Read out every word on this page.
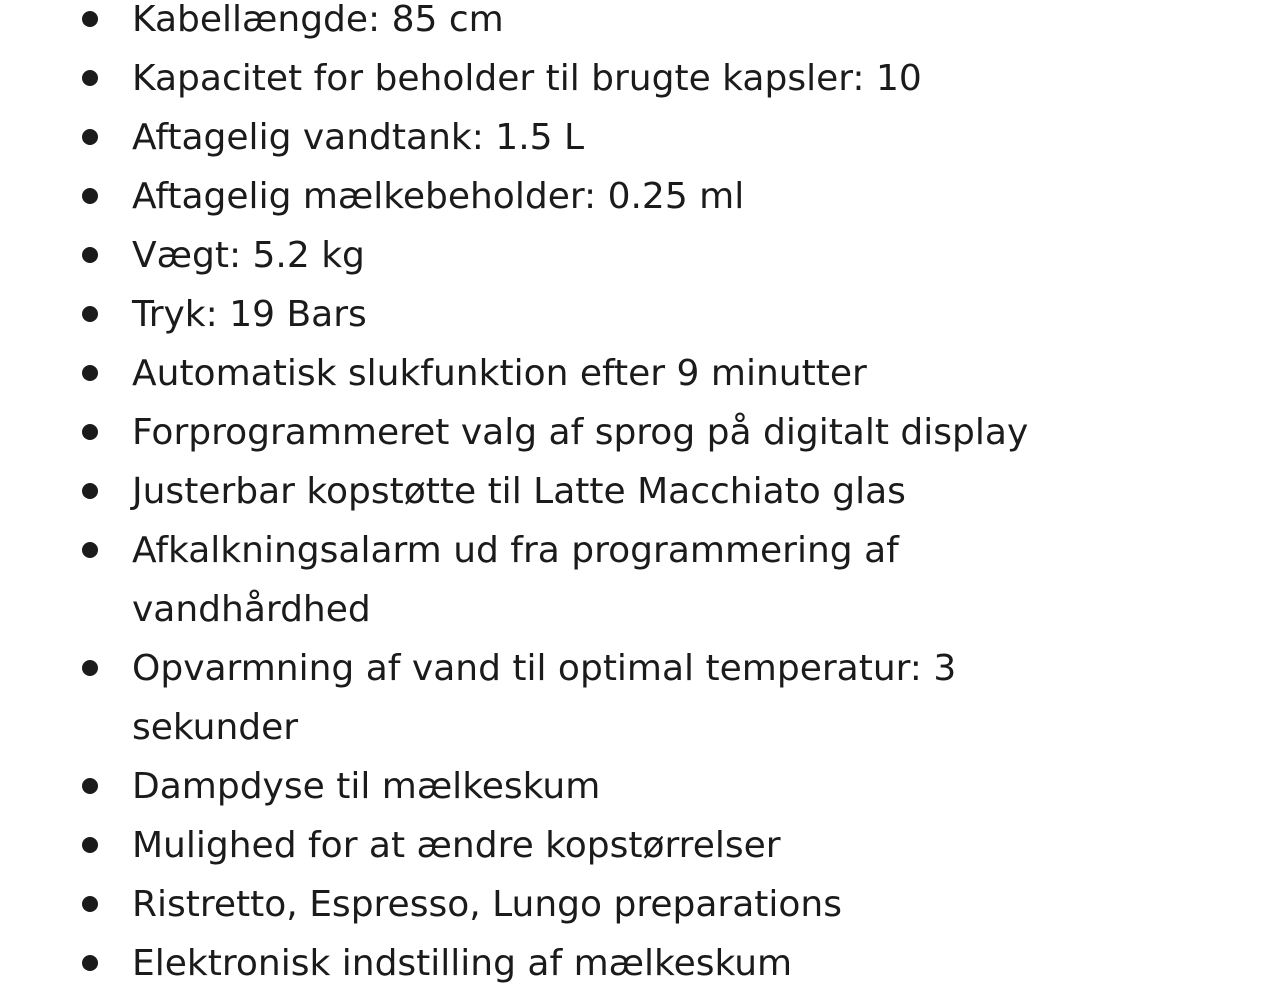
Kabellængde: 85 cm
Kapacitet for beholder til brugte kapsler: 10
Aftagelig vandtank: 1.5 L
Aftagelig mælkebeholder: 0.25 ml
Vægt: 5.2 kg
Tryk: 19 Bars
Automatisk slukfunktion efter 9 minutter
Forprogrammeret valg af sprog på digitalt display
Justerbar kopstøtte til Latte Macchiato glas
Afkalkningsalarm ud fra programmering af vandhårdhed
Opvarmning af vand til optimal temperatur: 3 sekunder
Dampdyse til mælkeskum
Mulighed for at ændre kopstørrelser
Ristretto, Espresso, Lungo preparations
Elektronisk indstilling af mælkeskum
